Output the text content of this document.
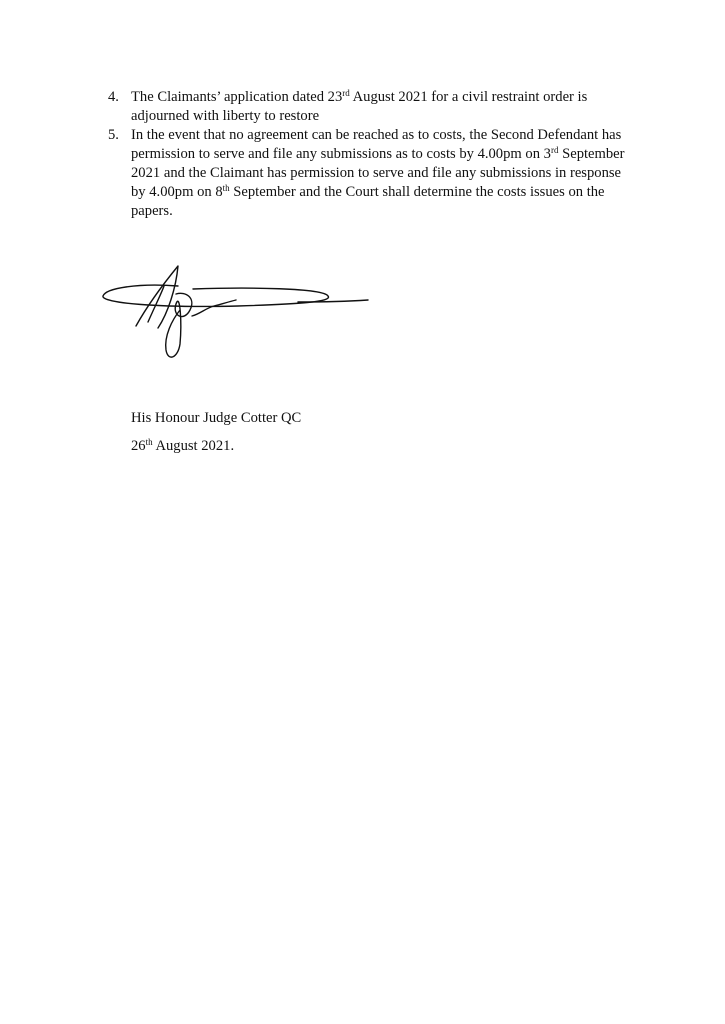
4. The Claimants’ application dated 23rd August 2021 for a civil restraint order is adjourned with liberty to restore
5. In the event that no agreement can be reached as to costs, the Second Defendant has permission to serve and file any submissions as to costs by 4.00pm on 3rd September 2021 and the Claimant has permission to serve and file any submissions in response by 4.00pm on 8th September and the Court shall determine the costs issues on the papers.
His Honour Judge Cotter QC
26th August 2021.
